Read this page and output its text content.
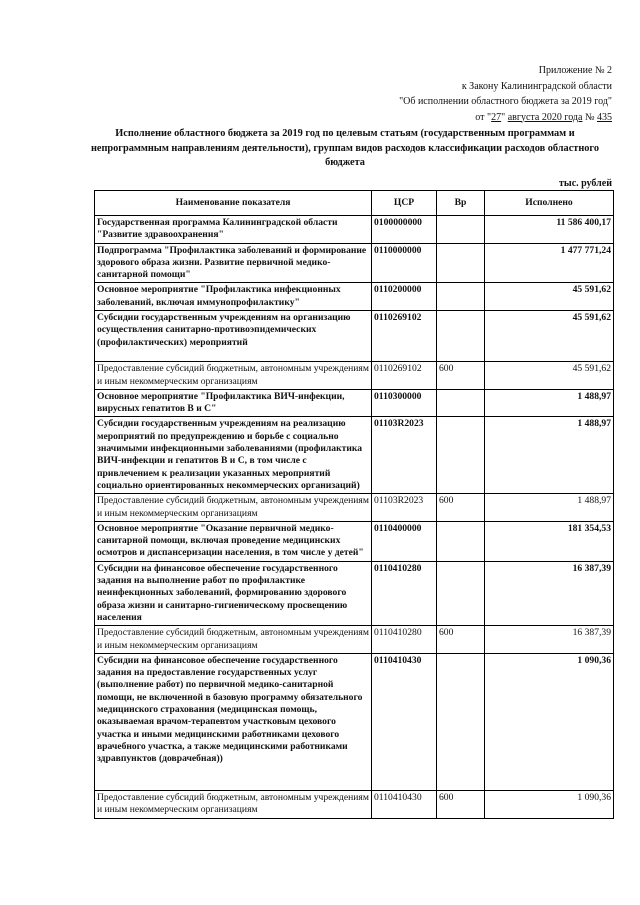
Приложение № 2
к Закону Калининградской области
"Об исполнении областного бюджета за 2019 год"
от "27" августа 2020 года № 435
Исполнение областного бюджета за 2019 год по целевым статьям (государственным программам и непрограммным направлениям деятельности), группам видов расходов классификации расходов областного бюджета
тыс. рублей
Наименование показателя	ЦСР	Вр	Исполнено
Государственная программа Калининградской области "Развитие здравоохранения"	0100000000		11 586 400,17
Подпрограмма "Профилактика заболеваний и формирование здорового образа жизни. Развитие первичной медико-санитарной помощи"	0110000000		1 477 771,24
Основное мероприятие "Профилактика инфекционных заболеваний, включая иммунопрофилактику"	0110200000		45 591,62
Субсидии государственным учреждениям на организацию осуществления санитарно-противоэпидемических (профилактических) мероприятий	0110269102		45 591,62
Предоставление субсидий бюджетным, автономным учреждениям и иным некоммерческим организациям	0110269102	600	45 591,62
Основное мероприятие "Профилактика ВИЧ-инфекции, вирусных гепатитов В и С"	0110300000		1 488,97
Субсидии государственным учреждениям на реализацию мероприятий по предупреждению и борьбе с социально значимыми инфекционными заболеваниями (профилактика ВИЧ-инфекции и гепатитов В и С, в том числе с привлечением к реализации указанных мероприятий социально ориентированных некоммерческих организаций)	01103R2023		1 488,97
Предоставление субсидий бюджетным, автономным учреждениям и иным некоммерческим организациям	01103R2023	600	1 488,97
Основное мероприятие "Оказание первичной медико-санитарной помощи, включая проведение медицинских осмотров и диспансеризации населения, в том числе у детей"	0110400000		181 354,53
Субсидии на финансовое обеспечение государственного задания на выполнение работ по профилактике неинфекционных заболеваний, формированию здорового образа жизни и санитарно-гигиеническому просвещению населения	0110410280		16 387,39
Предоставление субсидий бюджетным, автономным учреждениям и иным некоммерческим организациям	0110410280	600	16 387,39
Субсидии на финансовое обеспечение государственного задания на предоставление государственных услуг (выполнение работ) по первичной медико-санитарной помощи, не включенной в базовую программу обязательного медицинского страхования (медицинская помощь, оказываемая врачом-терапевтом участковым цехового участка и иными медицинскими работниками цехового врачебного участка, а также медицинскими работниками здравпунктов (доврачебная))	0110410430		1 090,36
Предоставление субсидий бюджетным, автономным учреждениям и иным некоммерческим организациям	0110410430	600	1 090,36
